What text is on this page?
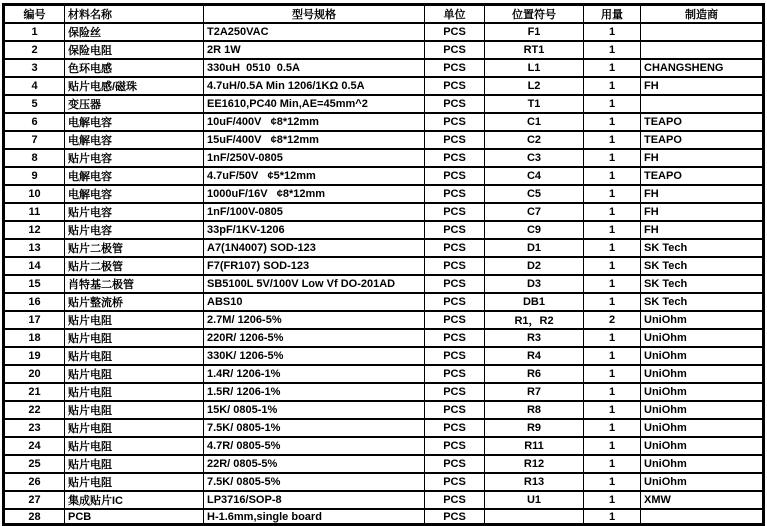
编号	材料名称	型号规格	单位	位置符号	用量	制造商
1	保险丝	T2A250VAC	PCS	F1	1	
2	保险电阻	2R 1W	PCS	RT1	1	
3	色环电感	330uH  0510  0.5A	PCS	L1	1	CHANGSHENG
4	贴片电感/磁珠	4.7uH/0.5A Min 1206/1KΩ 0.5A	PCS	L2	1	FH
5	变压器	EE1610,PC40 Min,AE=45mm^2	PCS	T1	1	
6	电解电容	10uF/400V   ¢8*12mm	PCS	C1	1	TEAPO
7	电解电容	15uF/400V   ¢8*12mm	PCS	C2	1	TEAPO
8	贴片电容	1nF/250V-0805	PCS	C3	1	FH
9	电解电容	4.7uF/50V   ¢5*12mm	PCS	C4	1	TEAPO
10	电解电容	1000uF/16V   ¢8*12mm	PCS	C5	1	FH
11	贴片电容	1nF/100V-0805	PCS	C7	1	FH
12	贴片电容	33pF/1KV-1206	PCS	C9	1	FH
13	贴片二极管	A7(1N4007) SOD-123	PCS	D1	1	SK Tech
14	贴片二极管	F7(FR107) SOD-123	PCS	D2	1	SK Tech
15	肖特基二极管	SB5100L 5V/100V Low Vf DO-201AD	PCS	D3	1	SK Tech
16	贴片整流桥	ABS10	PCS	DB1	1	SK Tech
17	贴片电阻	2.7M/ 1206-5%	PCS	R1，R2	2	UniOhm
18	贴片电阻	220R/ 1206-5%	PCS	R3	1	UniOhm
19	贴片电阻	330K/ 1206-5%	PCS	R4	1	UniOhm
20	贴片电阻	1.4R/ 1206-1%	PCS	R6	1	UniOhm
21	贴片电阻	1.5R/ 1206-1%	PCS	R7	1	UniOhm
22	贴片电阻	15K/ 0805-1%	PCS	R8	1	UniOhm
23	贴片电阻	7.5K/ 0805-1%	PCS	R9	1	UniOhm
24	贴片电阻	4.7R/ 0805-5%	PCS	R11	1	UniOhm
25	贴片电阻	22R/ 0805-5%	PCS	R12	1	UniOhm
26	贴片电阻	7.5K/ 0805-5%	PCS	R13	1	UniOhm
27	集成贴片IC	LP3716/SOP-8	PCS	U1	1	XMW
28	PCB	H-1.6mm,single board	PCS		1	
